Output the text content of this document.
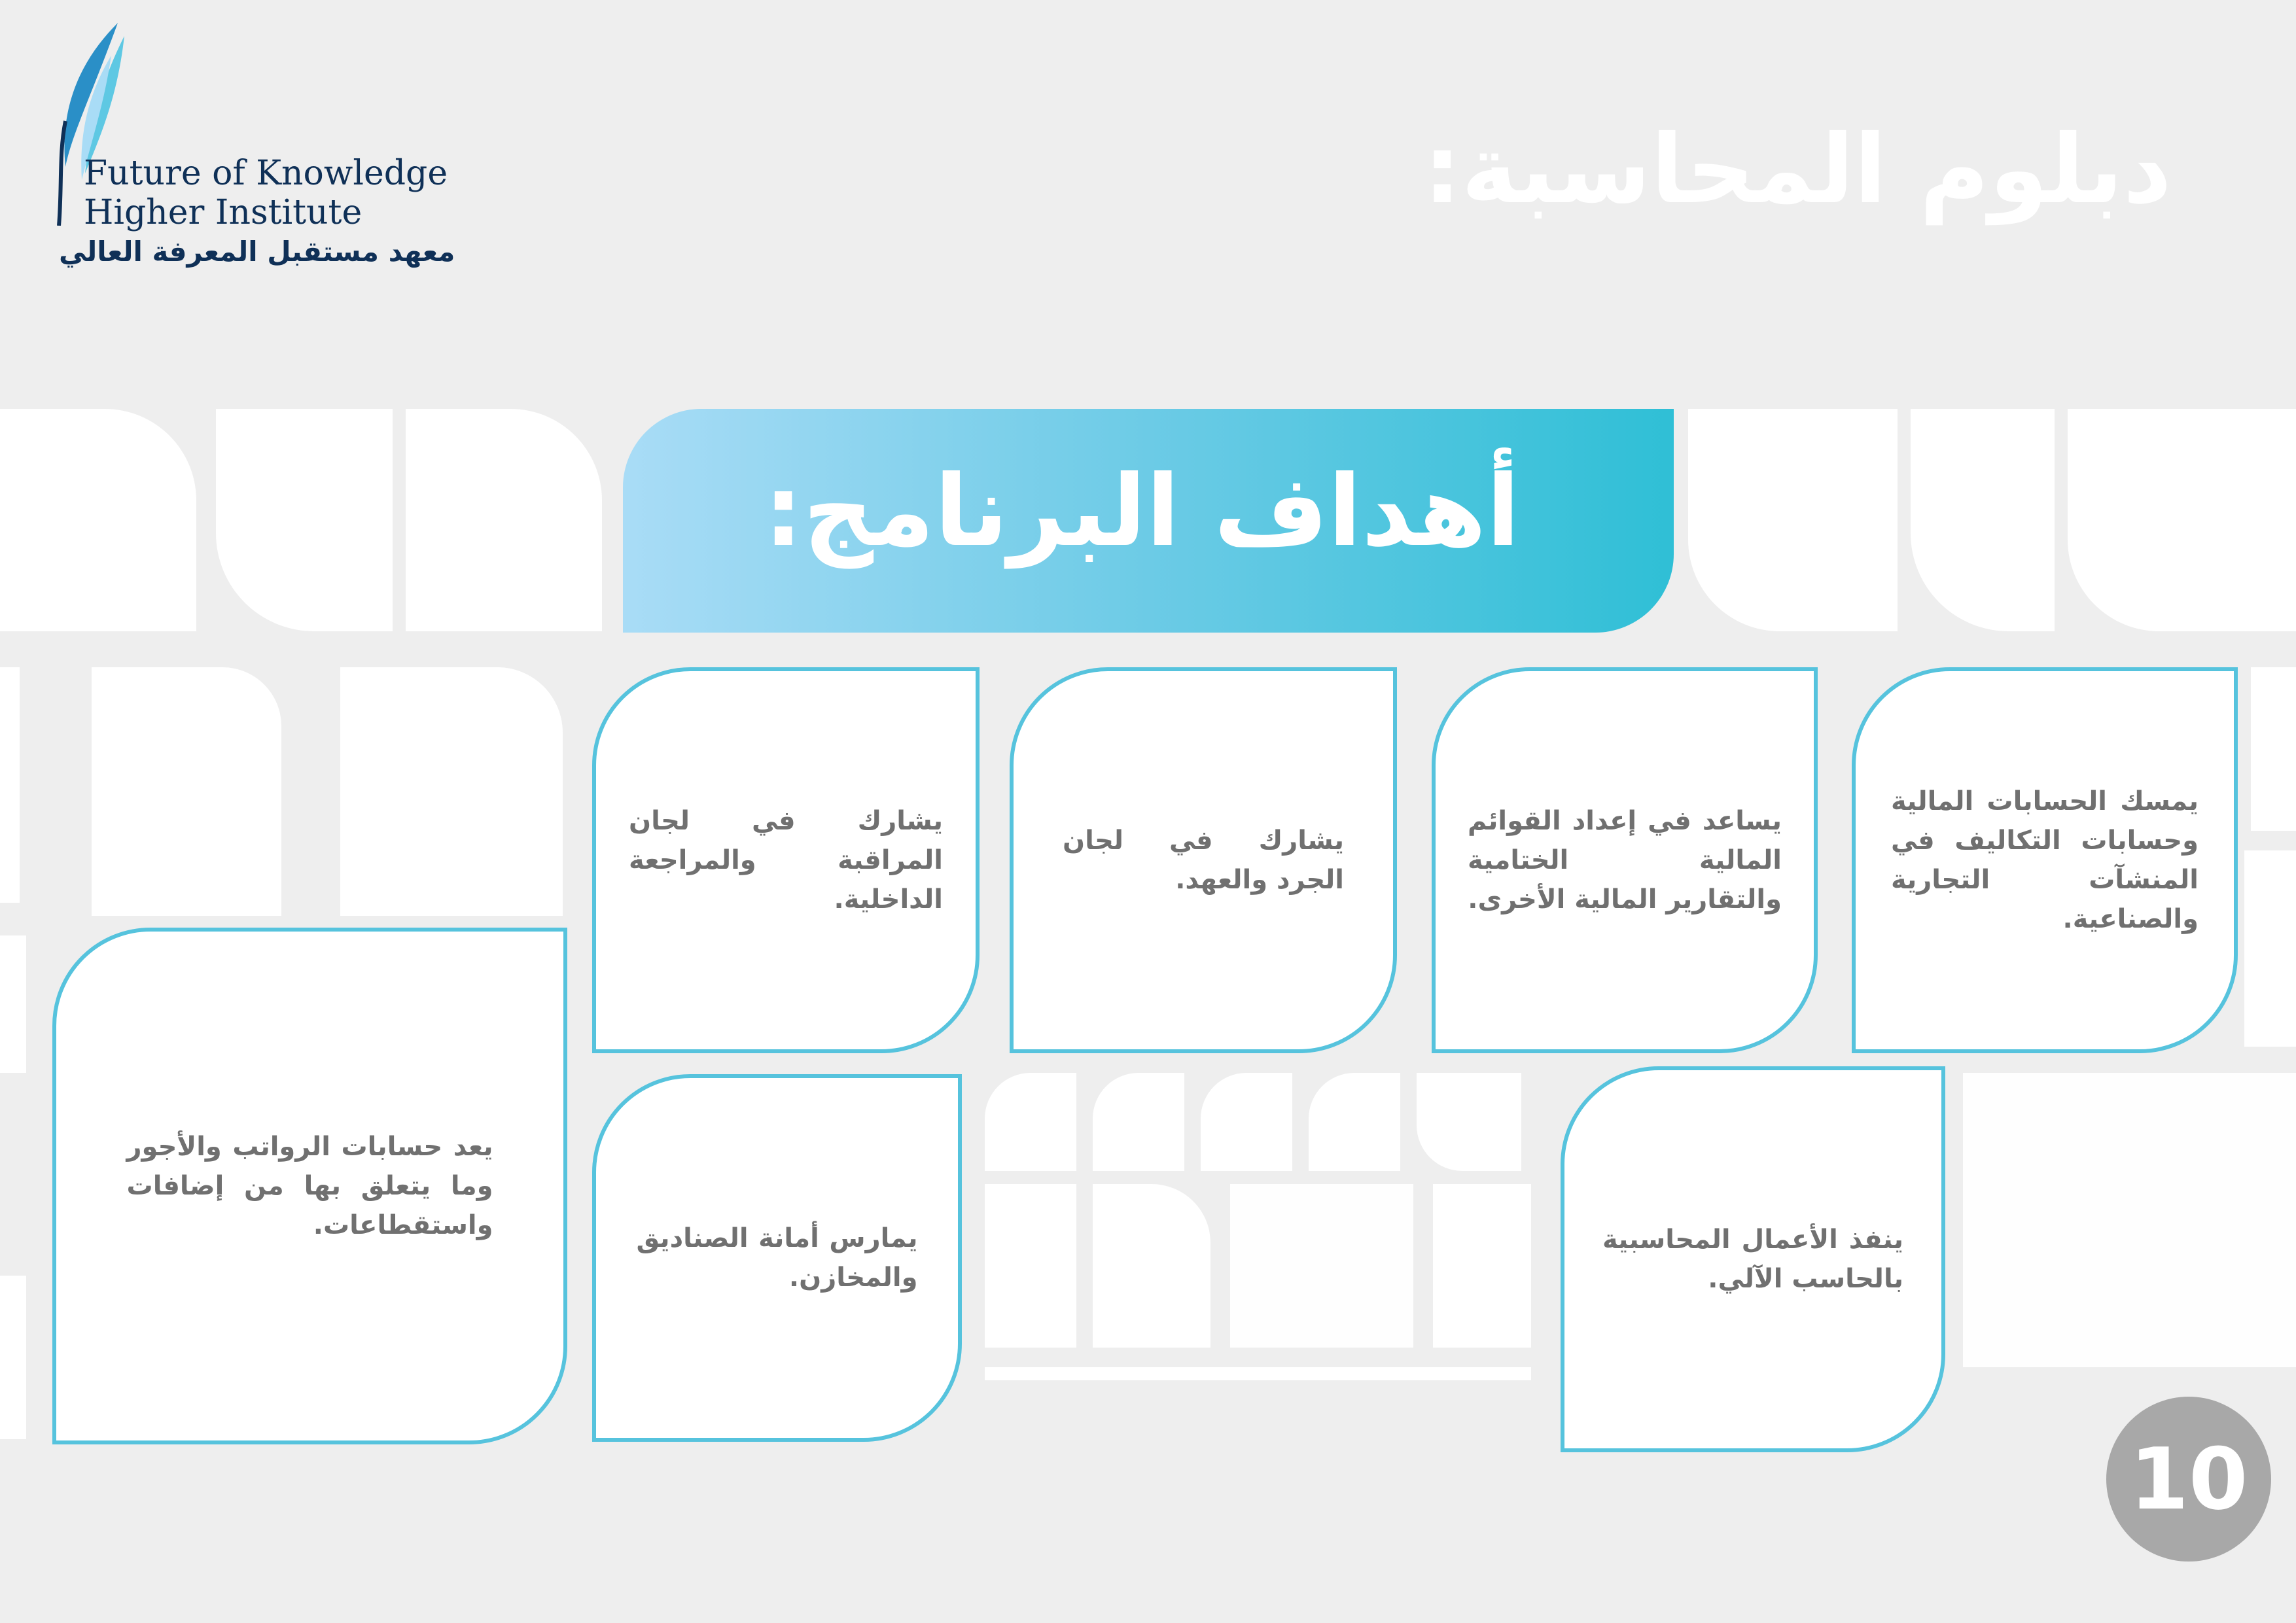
Future of Knowledge
Higher Institute
معهد مستقبل المعرفة العالي
دبلوم المحاسبة:
أهداف البرنامج:
يمسك الحسابات المالية وحسابات التكاليف في المنشآت التجارية والصناعية.
يساعد في إعداد القوائم المالية الختامية والتقارير المالية الأخرى.
يشارك في لجان الجرد والعهد.
يشارك في لجان المراقبة والمراجعة الداخلية.
يعد حسابات الرواتب والأجور وما يتعلق بها من إضافات واستقطاعات.	يمارس أمانة الصناديق والمخازن.
ينفذ الأعمال المحاسبية بالحاسب الآلي.
10
